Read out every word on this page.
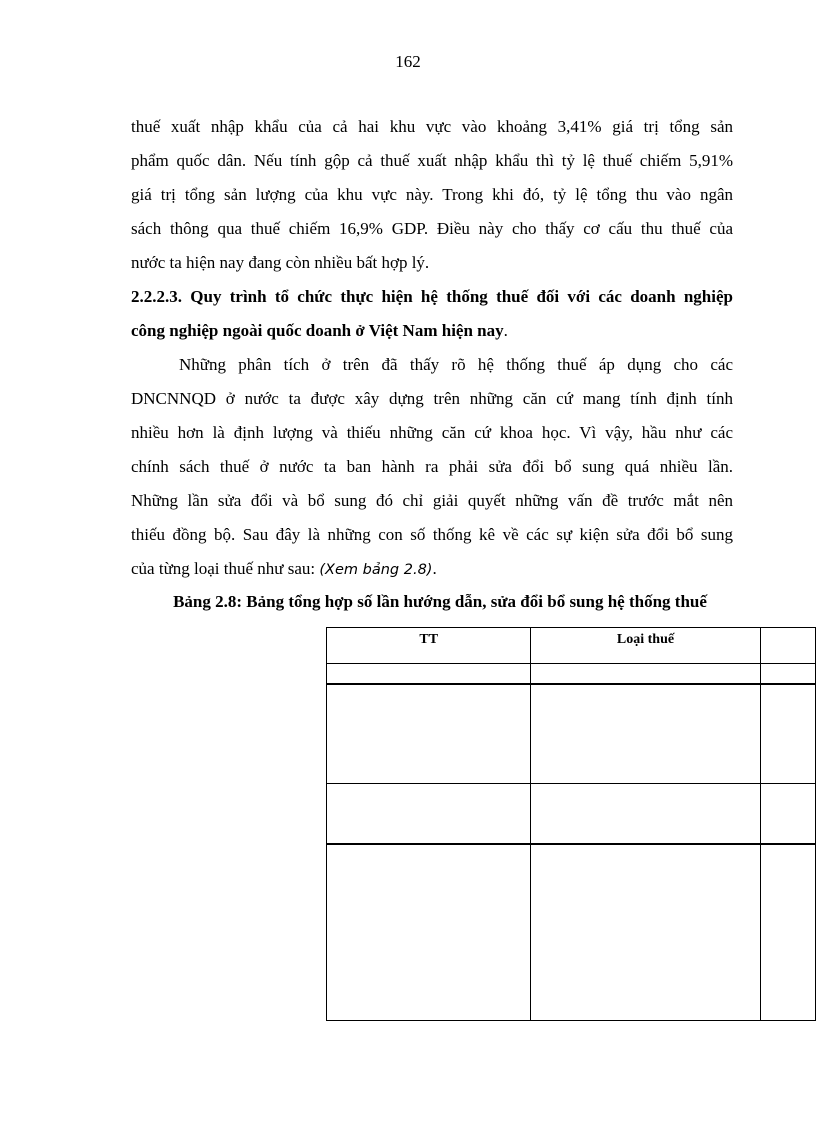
162

thuế xuất nhập khẩu của cả hai khu vực vào khoảng 3,41% giá trị tổng sản
phẩm quốc dân. Nếu tính gộp cả thuế xuất nhập khẩu thì tỷ lệ thuế chiếm 5,91%
giá trị tổng sản lượng của khu vực này. Trong khi đó, tỷ lệ tổng thu vào ngân
sách thông qua thuế chiếm 16,9% GDP. Điều này cho thấy cơ cấu thu thuế của
nước ta hiện nay đang còn nhiều bất hợp lý.

2.2.2.3. Quy trình tổ chức thực hiện hệ thống thuế đối với các doanh nghiệp
công nghiệp ngoài quốc doanh ở Việt Nam hiện nay.

Những phân tích ở trên đã thấy rõ hệ thống thuế áp dụng cho các
DNCNNQD ở nước ta được xây dựng trên những căn cứ mang tính định tính
nhiều hơn là định lượng và thiếu những căn cứ khoa học. Vì vậy, hầu như các
chính sách thuế ở nước ta ban hành ra phải sửa đổi bổ sung quá nhiều lần.
Những lần sửa đổi và bổ sung đó chỉ giải quyết những vấn đề trước mắt nên
thiếu đồng bộ. Sau đây là những con số thống kê về các sự kiện sửa đổi bổ sung
của từng loại thuế như sau: (Xem bảng 2.8).

Bảng 2.8: Bảng tổng hợp số lần hướng dẫn, sửa đổi bổ sung hệ thống thuế
TT	Loại thuế	
